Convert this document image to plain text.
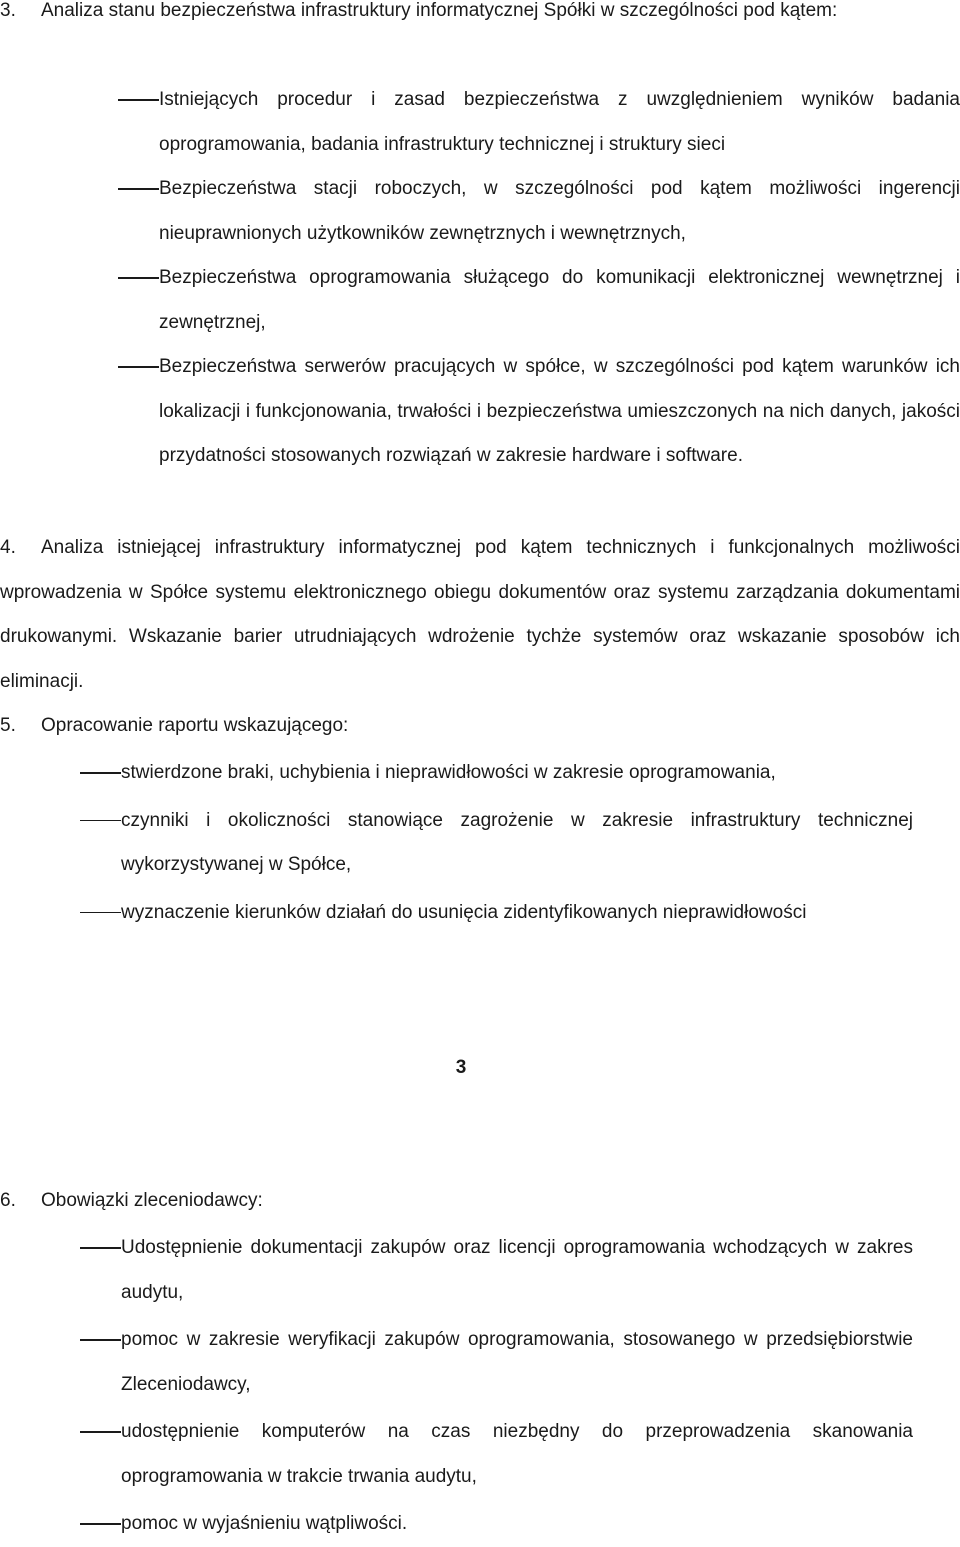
3. Analiza stanu bezpieczeństwa infrastruktury informatycznej Spółki w szczególności pod kątem:

Istniejących procedur i zasad bezpieczeństwa z uwzględnieniem wyników badania oprogramowania, badania infrastruktury technicznej i struktury sieci
Bezpieczeństwa stacji roboczych, w szczególności pod kątem możliwości ingerencji nieuprawnionych użytkowników zewnętrznych i wewnętrznych,
Bezpieczeństwa oprogramowania służącego do komunikacji elektronicznej wewnętrznej i zewnętrznej,
Bezpieczeństwa serwerów pracujących w spółce, w szczególności pod kątem warunków ich lokalizacji i funkcjonowania, trwałości i bezpieczeństwa umieszczonych na nich danych, jakości przydatności stosowanych rozwiązań w zakresie hardware i software.
4.	Analiza istniejącej infrastruktury informatycznej pod kątem technicznych i funkcjonalnych możliwości wprowadzenia w Spółce systemu elektronicznego obiegu dokumentów oraz systemu zarządzania dokumentami drukowanymi. Wskazanie barier utrudniających wdrożenie tychże systemów oraz wskazanie sposobów ich eliminacji.

5. Opracowanie raportu wskazującego:

stwierdzone braki, uchybienia i nieprawidłowości w zakresie oprogramowania,
czynniki i okoliczności stanowiące zagrożenie w zakresie infrastruktury technicznej wykorzystywanej w Spółce,
wyznaczenie kierunków działań do usunięcia zidentyfikowanych nieprawidłowości
3
6. Obowiązki zleceniodawcy:

Udostępnienie dokumentacji zakupów oraz licencji oprogramowania wchodzących w zakres audytu,
pomoc w zakresie weryfikacji zakupów oprogramowania, stosowanego w przedsiębiorstwie Zleceniodawcy,
udostępnienie komputerów na czas niezbędny do przeprowadzenia skanowania oprogramowania w trakcie trwania audytu,
pomoc w wyjaśnieniu wątpliwości.
